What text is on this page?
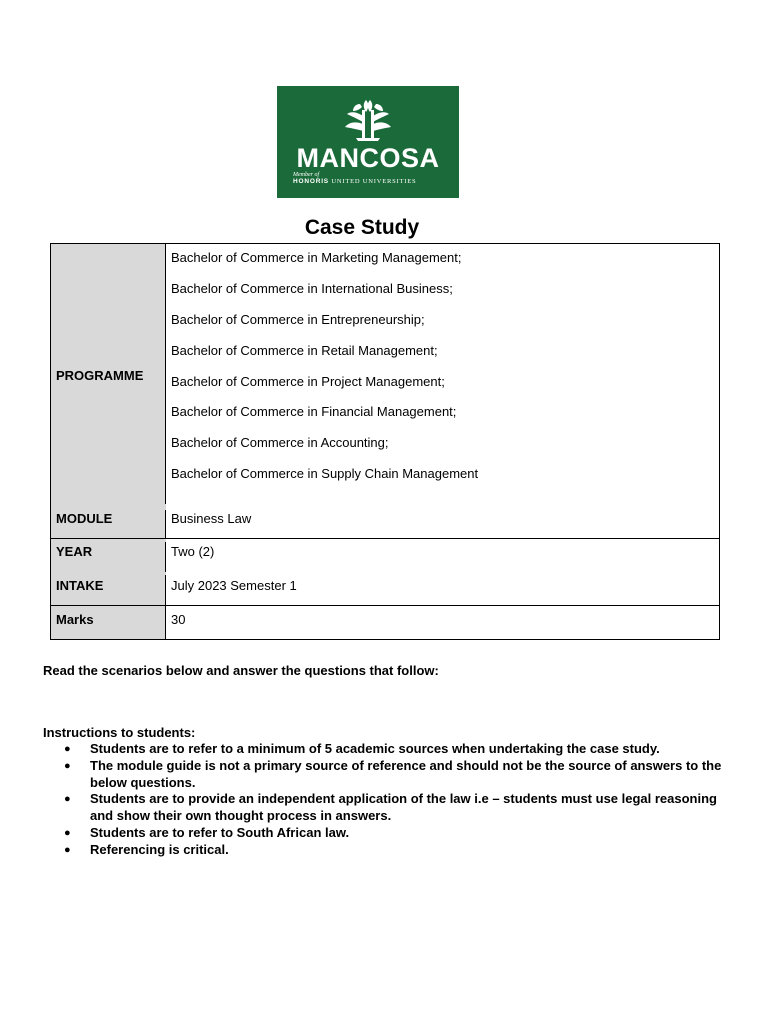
MANCOSA
Member of
HONORIS UNITED UNIVERSITIES
Case Study
PROGRAMME
Bachelor of Commerce in Marketing Management;
Bachelor of Commerce in International Business;
Bachelor of Commerce in Entrepreneurship;
Bachelor of Commerce in Retail Management;
Bachelor of Commerce in Project Management;
Bachelor of Commerce in Financial Management;
Bachelor of Commerce in Accounting;
Bachelor of Commerce in Supply Chain Management
MODULE	Business Law
YEAR	Two (2)
INTAKE	July 2023 Semester 1
Marks	30
Read the scenarios below and answer the questions that follow:
Instructions to students:
● Students are to refer to a minimum of 5 academic sources when undertaking the case study.
● The module guide is not a primary source of reference and should not be the source of answers to the below questions.
● Students are to provide an independent application of the law i.e – students must use legal reasoning and show their own thought process in answers.
● Students are to refer to South African law.
● Referencing is critical.
